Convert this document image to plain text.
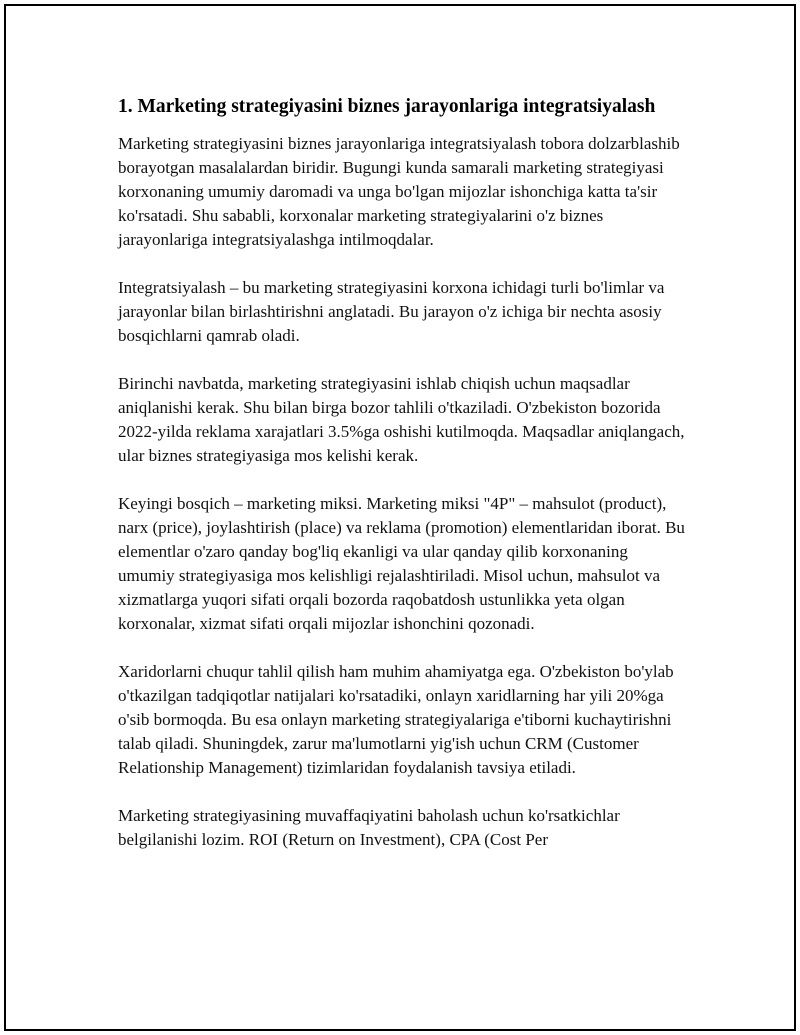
1. Marketing strategiyasini biznes jarayonlariga integratsiyalash

Marketing strategiyasini biznes jarayonlariga integratsiyalash tobora dolzarblashib borayotgan masalalardan biridir. Bugungi kunda samarali marketing strategiyasi korxonaning umumiy daromadi va unga bo'lgan mijozlar ishonchiga katta ta'sir ko'rsatadi. Shu sababli, korxonalar marketing strategiyalarini o'z biznes jarayonlariga integratsiyalashga intilmoqdalar.

Integratsiyalash – bu marketing strategiyasini korxona ichidagi turli bo'limlar va jarayonlar bilan birlashtirishni anglatadi. Bu jarayon o'z ichiga bir nechta asosiy bosqichlarni qamrab oladi.

Birinchi navbatda, marketing strategiyasini ishlab chiqish uchun maqsadlar aniqlanishi kerak. Shu bilan birga bozor tahlili o'tkaziladi. O'zbekiston bozorida 2022-yilda reklama xarajatlari 3.5%ga oshishi kutilmoqda. Maqsadlar aniqlangach, ular biznes strategiyasiga mos kelishi kerak.

Keyingi bosqich – marketing miksi. Marketing miksi "4P" – mahsulot (product), narx (price), joylashtirish (place) va reklama (promotion) elementlaridan iborat. Bu elementlar o'zaro qanday bog'liq ekanligi va ular qanday qilib korxonaning umumiy strategiyasiga mos kelishligi rejalashtiriladi. Misol uchun, mahsulot va xizmatlarga yuqori sifati orqali bozorda raqobatdosh ustunlikka yeta olgan korxonalar, xizmat sifati orqali mijozlar ishonchini qozonadi.

Xaridorlarni chuqur tahlil qilish ham muhim ahamiyatga ega. O'zbekiston bo'ylab o'tkazilgan tadqiqotlar natijalari ko'rsatadiki, onlayn xaridlarning har yili 20%ga o'sib bormoqda. Bu esa onlayn marketing strategiyalariga e'tiborni kuchaytirishni talab qiladi. Shuningdek, zarur ma'lumotlarni yig'ish uchun CRM (Customer Relationship Management) tizimlaridan foydalanish tavsiya etiladi.

Marketing strategiyasining muvaffaqiyatini baholash uchun ko'rsatkichlar belgilanishi lozim. ROI (Return on Investment), CPA (Cost Per
